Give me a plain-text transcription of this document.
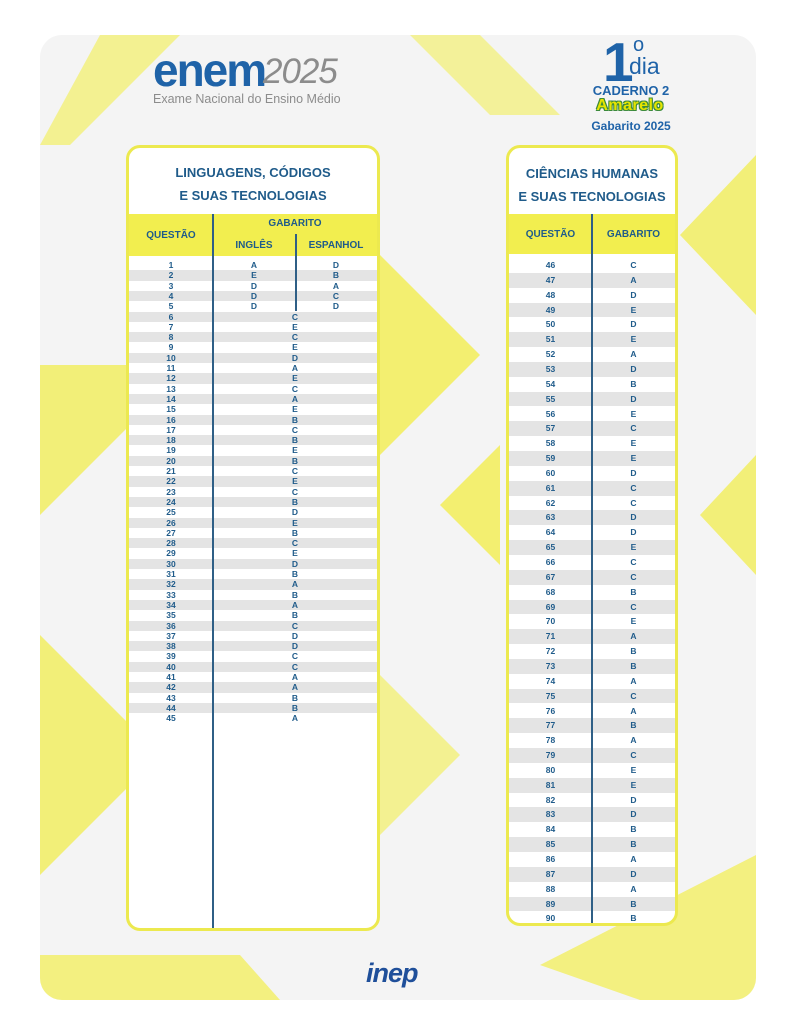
enem
2025
Exame Nacional do Ensino Médio
1 o
dia
CADERNO 2
Amarelo
Gabarito 2025
LINGUAGENS, CÓDIGOS
E SUAS TECNOLOGIAS
QUESTÃO
GABARITO
INGLÊS	ESPANHOL
1	A	D
2	E	B
3	D	A
4	D	C
5	D	D
6	C
7	E
8	C
9	E
10	D
11	A
12	E
13	C
14	A
15	E
16	B
17	C
18	B
19	E
20	B
21	C
22	E
23	C
24	B
25	D
26	E
27	B
28	C
29	E
30	D
31	B
32	A
33	B
34	A
35	B
36	C
37	D
38	D
39	C
40	C
41	A
42	A
43	B
44	B
45	A
CIÊNCIAS HUMANAS
E SUAS TECNOLOGIAS
QUESTÃO	GABARITO
46	C
47	A
48	D
49	E
50	D
51	E
52	A
53	D
54	B
55	D
56	E
57	C
58	E
59	E
60	D
61	C
62	C
63	D
64	D
65	E
66	C
67	C
68	B
69	C
70	E
71	A
72	B
73	B
74	A
75	C
76	A
77	B
78	A
79	C
80	E
81	E
82	D
83	D
84	B
85	B
86	A
87	D
88	A
89	B
90	B
inep
